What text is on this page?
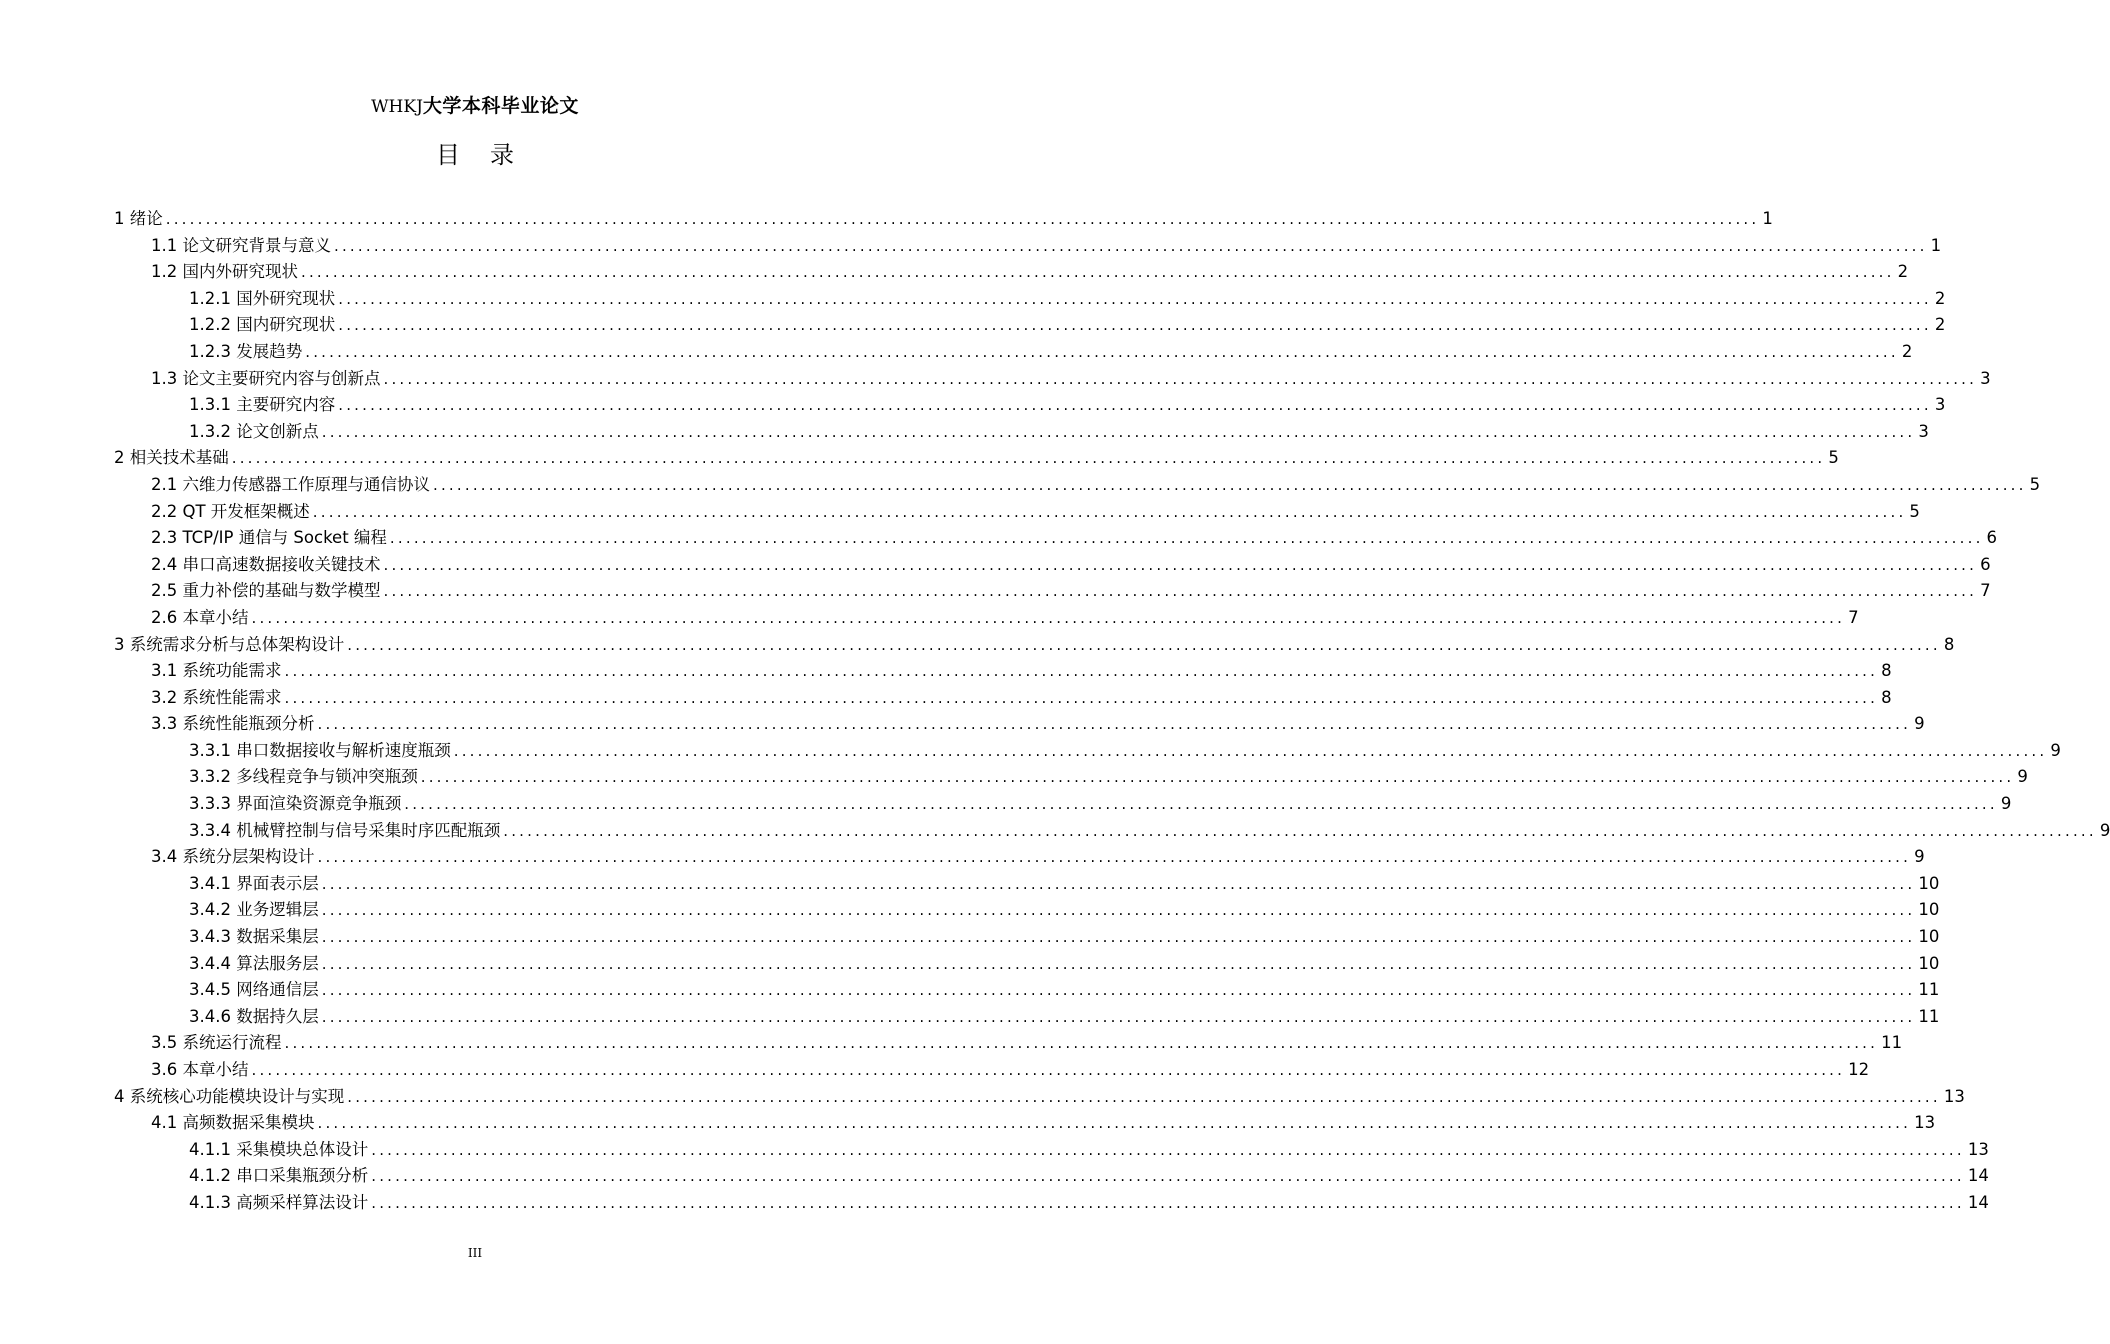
WHKJ大学本科毕业论文
目录
1 绪论 ........................................................................................................................................................................................................ 1
1.1 论文研究背景与意义 ........................................................................................................................................................................................................ 1
1.2 国内外研究现状 ........................................................................................................................................................................................................ 2
1.2.1 国外研究现状 ........................................................................................................................................................................................................ 2
1.2.2 国内研究现状 ........................................................................................................................................................................................................ 2
1.2.3 发展趋势 ........................................................................................................................................................................................................ 2
1.3 论文主要研究内容与创新点 ........................................................................................................................................................................................................ 3
1.3.1 主要研究内容 ........................................................................................................................................................................................................ 3
1.3.2 论文创新点 ........................................................................................................................................................................................................ 3
2 相关技术基础 ........................................................................................................................................................................................................ 5
2.1 六维力传感器工作原理与通信协议 ........................................................................................................................................................................................................ 5
2.2 QT 开发框架概述 ........................................................................................................................................................................................................ 5
2.3 TCP/IP 通信与 Socket 编程 ........................................................................................................................................................................................................ 6
2.4 串口高速数据接收关键技术 ........................................................................................................................................................................................................ 6
2.5 重力补偿的基础与数学模型 ........................................................................................................................................................................................................ 7
2.6 本章小结 ........................................................................................................................................................................................................ 7
3 系统需求分析与总体架构设计 ........................................................................................................................................................................................................ 8
3.1 系统功能需求 ........................................................................................................................................................................................................ 8
3.2 系统性能需求 ........................................................................................................................................................................................................ 8
3.3 系统性能瓶颈分析 ........................................................................................................................................................................................................ 9
3.3.1 串口数据接收与解析速度瓶颈 ........................................................................................................................................................................................................ 9
3.3.2 多线程竞争与锁冲突瓶颈 ........................................................................................................................................................................................................ 9
3.3.3 界面渲染资源竞争瓶颈 ........................................................................................................................................................................................................ 9
3.3.4 机械臂控制与信号采集时序匹配瓶颈 ........................................................................................................................................................................................................ 9
3.4 系统分层架构设计 ........................................................................................................................................................................................................ 9
3.4.1 界面表示层 ........................................................................................................................................................................................................ 10
3.4.2 业务逻辑层 ........................................................................................................................................................................................................ 10
3.4.3 数据采集层 ........................................................................................................................................................................................................ 10
3.4.4 算法服务层 ........................................................................................................................................................................................................ 10
3.4.5 网络通信层 ........................................................................................................................................................................................................ 11
3.4.6 数据持久层 ........................................................................................................................................................................................................ 11
3.5 系统运行流程 ........................................................................................................................................................................................................ 11
3.6 本章小结 ........................................................................................................................................................................................................ 12
4 系统核心功能模块设计与实现 ........................................................................................................................................................................................................ 13
4.1 高频数据采集模块 ........................................................................................................................................................................................................ 13
4.1.1 采集模块总体设计 ........................................................................................................................................................................................................ 13
4.1.2 串口采集瓶颈分析 ........................................................................................................................................................................................................ 14
4.1.3 高频采样算法设计 ........................................................................................................................................................................................................ 14
III
